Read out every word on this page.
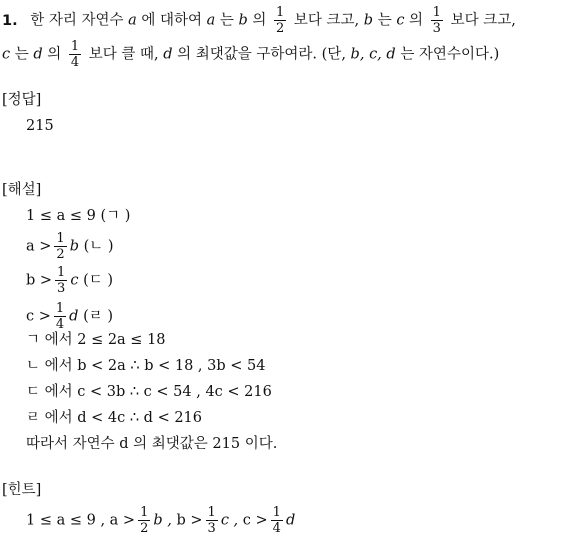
1. 한 자리 자연수 a 에 대하여 a 는 b 의 $\frac{1}{2}$ 보다 크고, b 는 c 의 $\frac{1}{3}$ 보다 크고,
c 는 d 의 $\frac{1}{4}$ 보다 클 때, d 의 최댓값을 구하여라. (단, b, c, d 는 자연수이다.)
[정답]
215
[해설]
1 ≤ a ≤ 9 (ㄱ )
$a > \frac{1}{2}$ b (ㄴ )
$b > \frac{1}{3}$ c (ㄷ )
$c > \frac{1}{4}$ d (ㄹ )
ㄱ 에서 2 ≤ 2a ≤ 18
ㄴ 에서 b < 2a ∴ b < 18 , 3b < 54
ㄷ 에서 c < 3b ∴ c < 54 , 4c < 216
ㄹ 에서 d < 4c ∴ d < 216
따라서 자연수 d 의 최댓값은 215 이다.
[힌트]
1 ≤ a ≤ 9 , $a > \frac{1}{2}$ b , $b > \frac{1}{3}$ c , $c > \frac{1}{4}$ d
